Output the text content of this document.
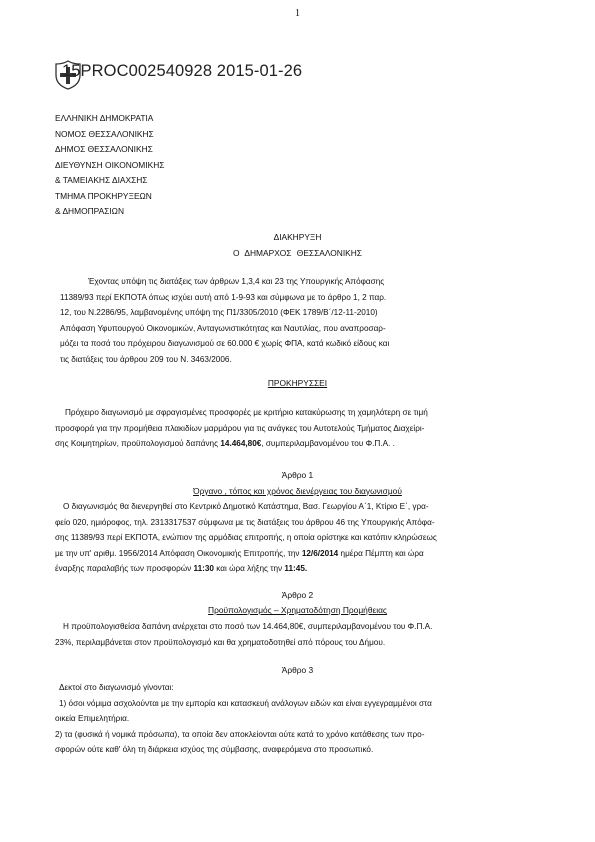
1
15PROC002540928 2015-01-26
ΕΛΛΗΝΙΚΗ ΔΗΜΟΚΡΑΤΙΑ
ΝΟΜΟΣ ΘΕΣΣΑΛΟΝΙΚΗΣ
ΔΗΜΟΣ ΘΕΣΣΑΛΟΝΙΚΗΣ
ΔΙΕΥΘΥΝΣΗ ΟΙΚΟΝΟΜΙΚΗΣ
& ΤΑΜΕΙΑΚΗΣ ΔΙΑΧΣΗΣ
ΤΜΗΜΑ ΠΡΟΚΗΡΥΞΕΩΝ
& ΔΗΜΟΠΡΑΣΙΩΝ
ΔΙΑΚΗΡΥΞΗ
Ο ΔΗΜΑΡΧΟΣ ΘΕΣΣΑΛΟΝΙΚΗΣ
Έχοντας υπόψη τις διατάξεις των άρθρων 1,3,4 και 23 της Υπουργικής Απόφασης
11389/93 περί ΕΚΠΟΤΑ όπως ισχύει αυτή από 1-9-93 και σύμφωνα με το άρθρο 1, 2 παρ.
12, του Ν.2286/95, λαμβανομένης υπόψη της Π1/3305/2010 (ΦΕΚ 1789/Β΄/12-11-2010)
Απόφαση Υφυπουργού Οικονομικών, Ανταγωνιστικότητας και Ναυτιλίας, που αναπροσαρ-
μόζει τα ποσά του πρόχειρου διαγωνισμού σε 60.000 € χωρίς ΦΠΑ, κατά κωδικό είδους και
τις διατάξεις του άρθρου 209 του Ν. 3463/2006.
ΠΡΟΚΗΡΥΣΣΕΙ
Πρόχειρο διαγωνισμό με σφραγισμένες προσφορές με κριτήριο κατακύρωσης τη χαμηλότερη σε τιμή
προσφορά για την προμήθεια πλακιδίων μαρμάρου για τις ανάγκες του Αυτοτελούς Τμήματος Διαχείρι-
σης Κοιμητηρίων, προϋπολογισμού δαπάνης 14.464,80€, συμπεριλαμβανομένου του Φ.Π.Α. .
Άρθρο 1
Όργανο , τόπος και χρόνος διενέργειας του διαγωνισμού
Ο διαγωνισμός θα διενεργηθεί στο Κεντρικό Δημοτικό Κατάστημα, Βασ. Γεωργίου Α΄1, Κτίριο Ε΄, γρα-
φείο 020, ημιόροφος, τηλ. 2313317537 σύμφωνα με τις διατάξεις του άρθρου 46 της Υπουργικής Απόφα-
σης 11389/93 περί ΕΚΠΟΤΑ, ενώπιον της αρμόδιας επιτροπής, η οποία ορίστηκε και κατόπιν κληρώσεως
με την υπ' αριθμ. 1956/2014 Απόφαση Οικονομικής Επιτροπής, την 12/6/2014 ημέρα Πέμπτη και ώρα
έναρξης παραλαβής των προσφορών 11:30 και ώρα λήξης την 11:45.
Άρθρο 2
Προϋπολογισμός – Χρηματοδότηση Προμήθειας
Η προϋπολογισθείσα δαπάνη ανέρχεται στο ποσό των 14.464,80€, συμπεριλαμβανομένου του Φ.Π.Α.
23%, περιλαμβάνεται στον προϋπολογισμό και θα χρηματοδοτηθεί από πόρους του Δήμου.
Άρθρο 3
Δεκτοί στο διαγωνισμό γίνονται:
1) όσοι νόμιμα ασχολούνται με την εμπορία και κατασκευή ανάλογων ειδών και είναι εγγεγραμμένοι στα
οικεία Επιμελητήρια.
2) τα (φυσικά ή νομικά πρόσωπα), τα οποία δεν αποκλείονται ούτε κατά το χρόνο κατάθεσης των προ-
σφορών ούτε καθ' όλη τη διάρκεια ισχύος της σύμβασης, αναφερόμενα στο προσωπικό.
